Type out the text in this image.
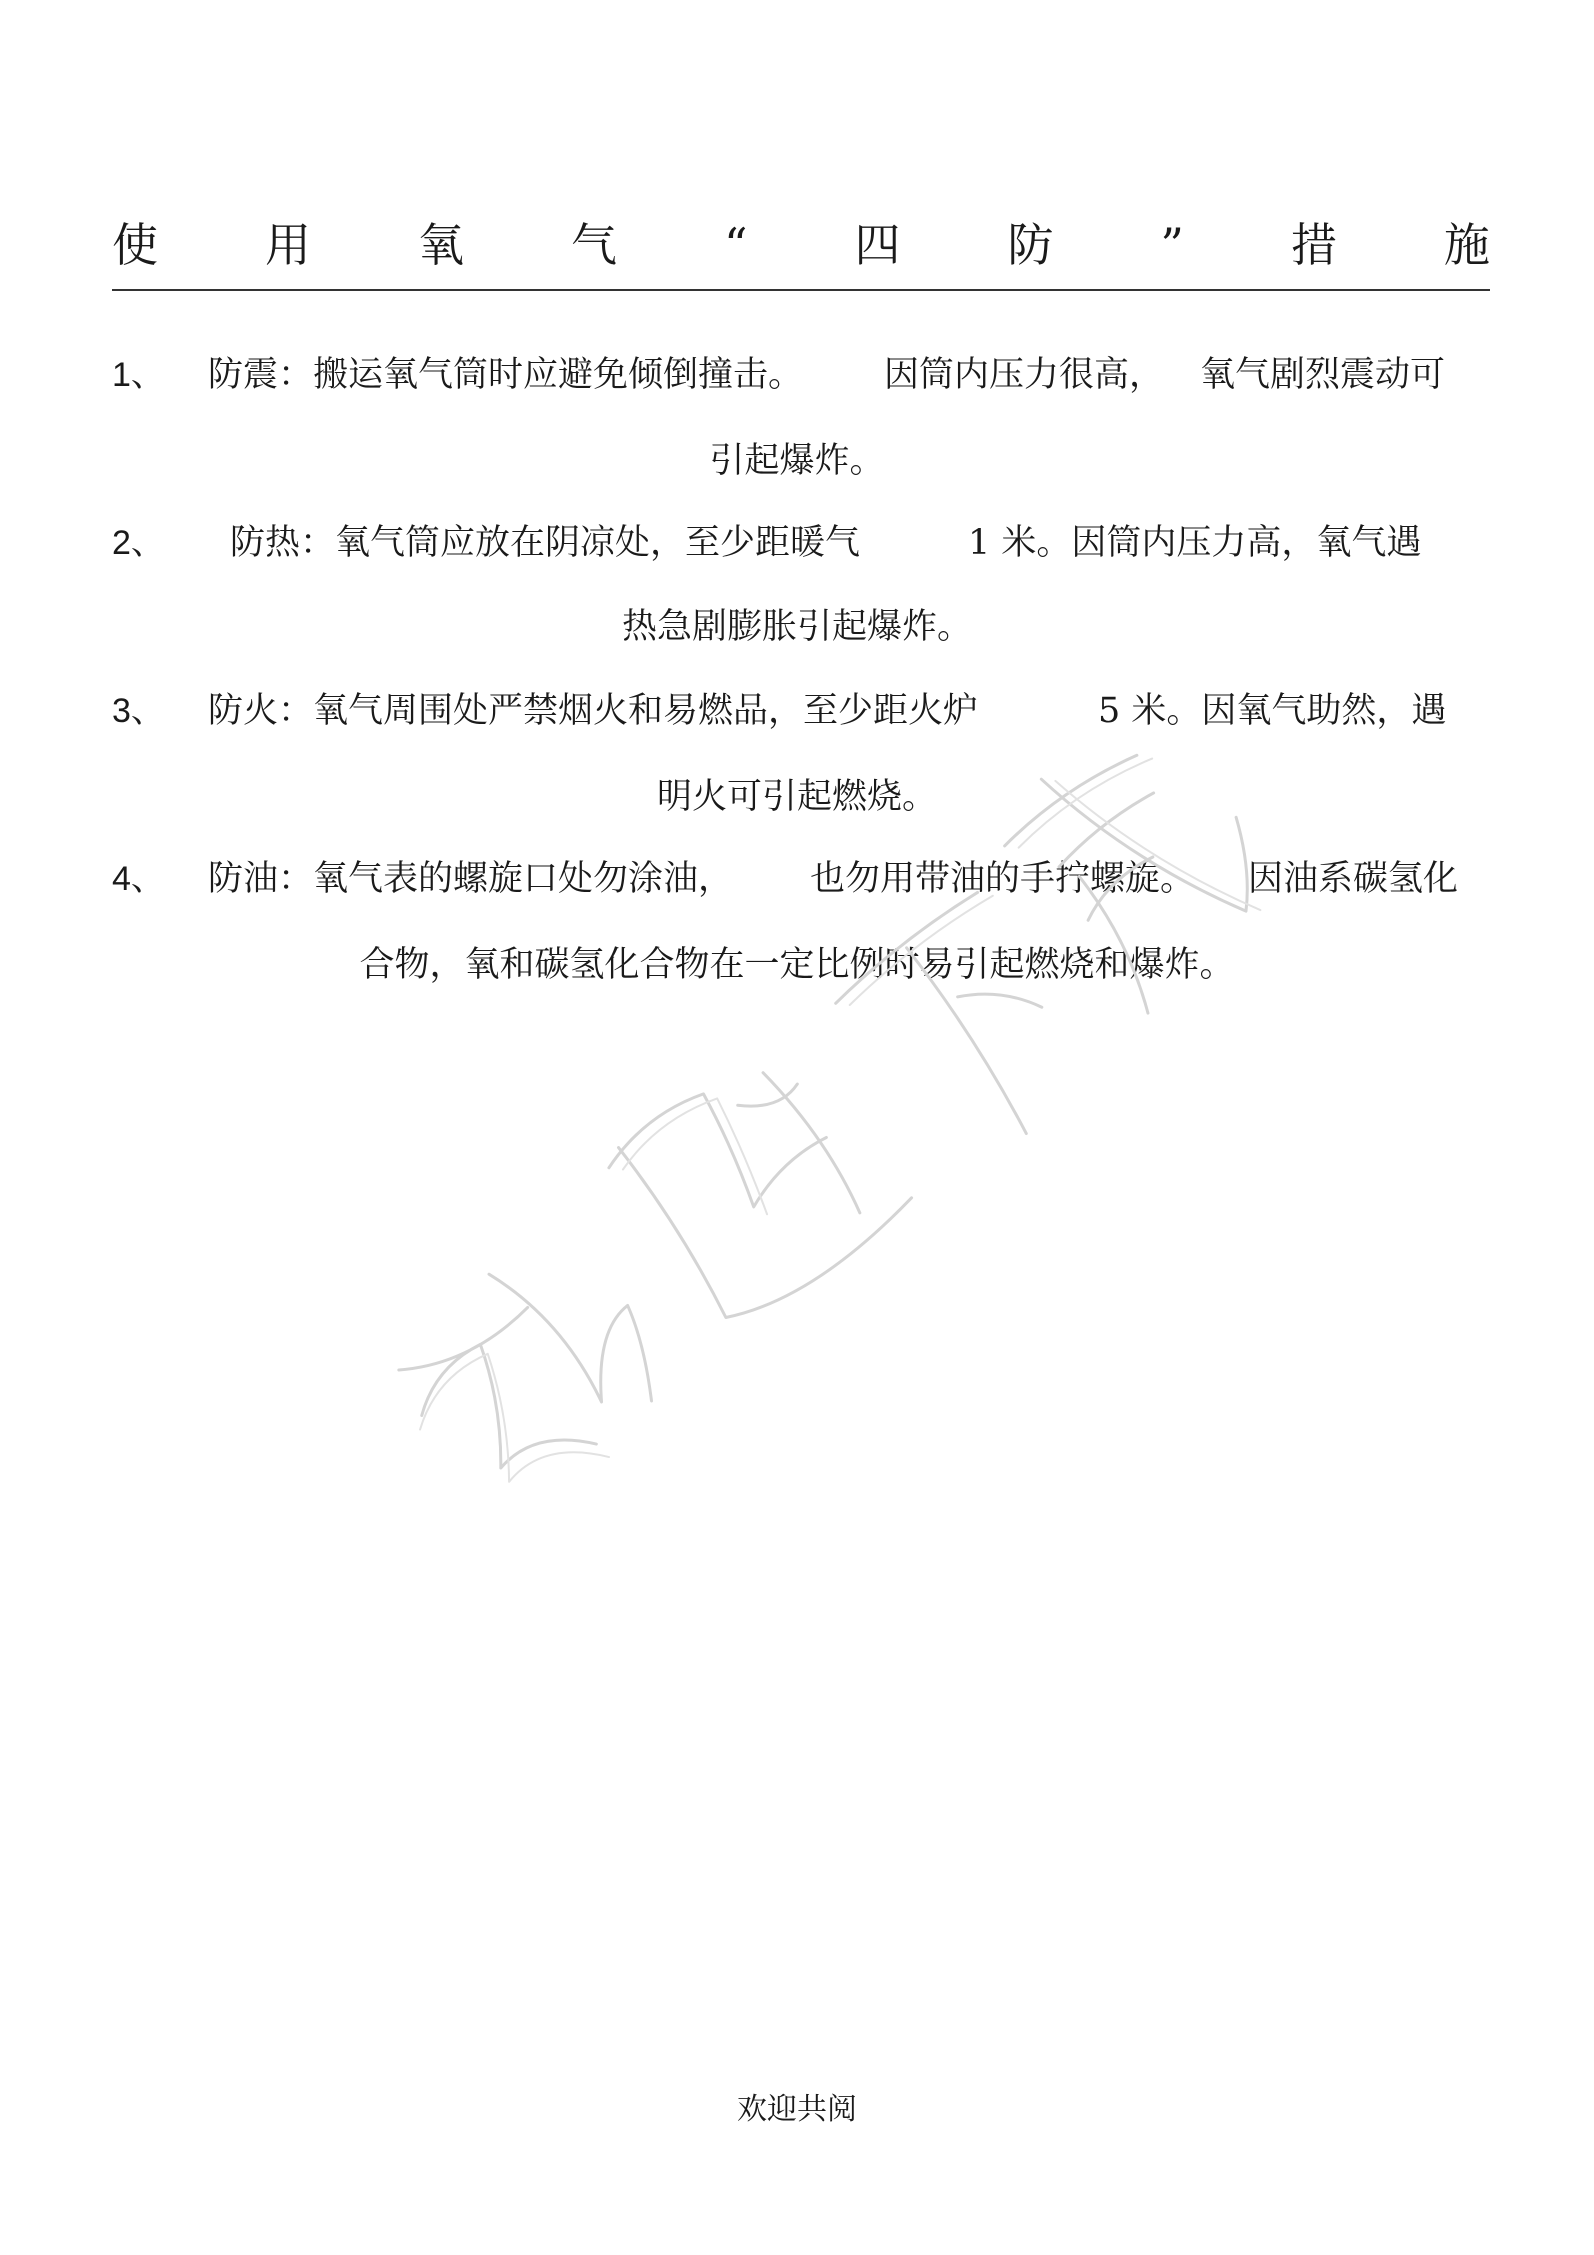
使 用 氧 气 “ 四 防 ” 措 施
1、 防震：搬运氧气筒时应避免倾倒撞击。 因筒内压力很高， 氧气剧烈震动可
引起爆炸。
2、 防热：氧气筒应放在阴凉处，至少距暖气	1 米。因筒内压力高，氧气遇
热急剧膨胀引起爆炸。
3、 防火：氧气周围处严禁烟火和易燃品，至少距火炉	5 米。因氧气助然，遇
明火可引起燃烧。
4、 防油：氧气表的螺旋口处勿涂油， 也勿用带油的手拧螺旋。 因油系碳氢化
合物，氧和碳氢化合物在一定比例时易引起燃烧和爆炸。
欢迎共阅
